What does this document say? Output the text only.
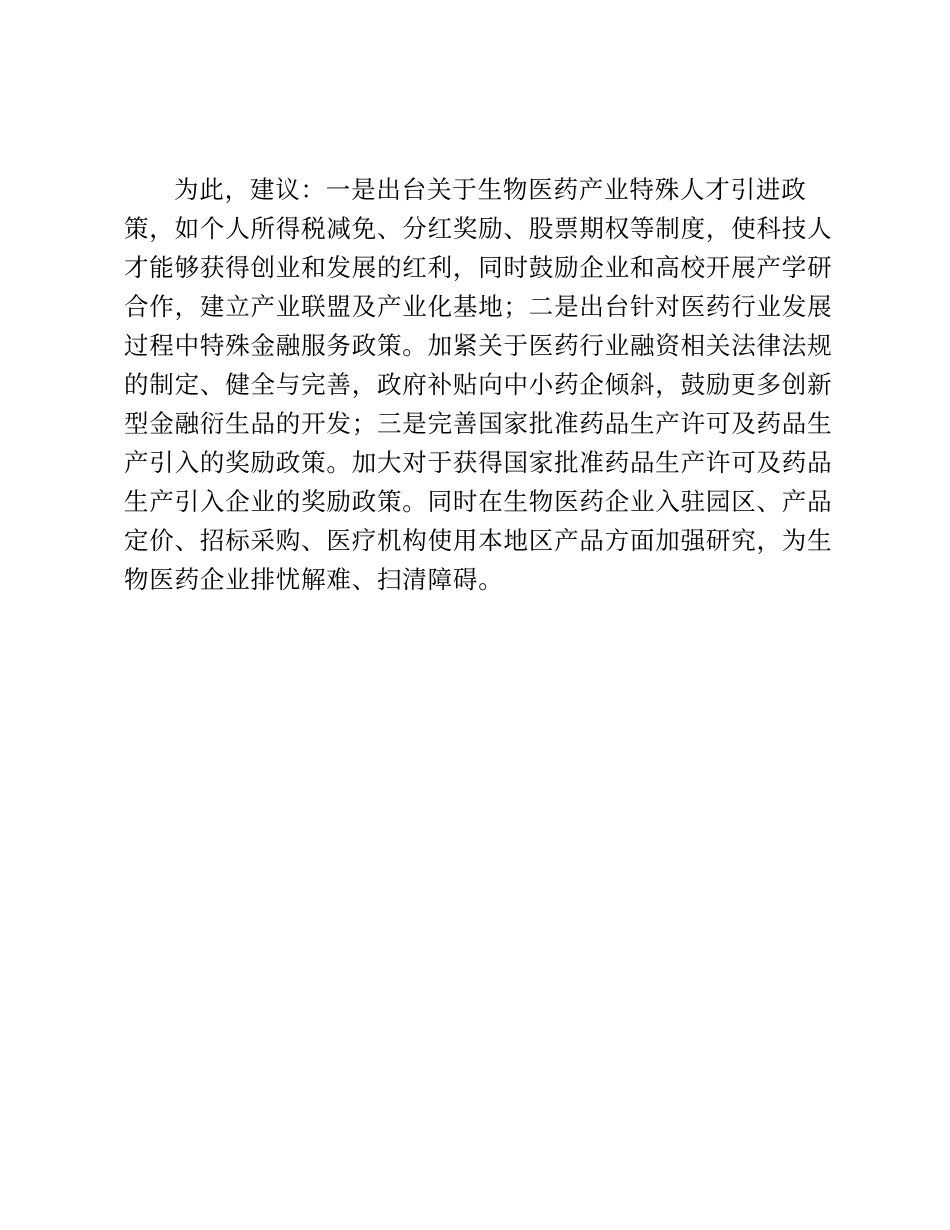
为此，建议：一是出台关于生物医药产业特殊人才引进政
策，如个人所得税减免、分红奖励、股票期权等制度，使科技人
才能够获得创业和发展的红利，同时鼓励企业和高校开展产学研
合作，建立产业联盟及产业化基地；二是出台针对医药行业发展
过程中特殊金融服务政策。加紧关于医药行业融资相关法律法规
的制定、健全与完善，政府补贴向中小药企倾斜，鼓励更多创新
型金融衍生品的开发；三是完善国家批准药品生产许可及药品生
产引入的奖励政策。加大对于获得国家批准药品生产许可及药品
生产引入企业的奖励政策。同时在生物医药企业入驻园区、产品
定价、招标采购、医疗机构使用本地区产品方面加强研究，为生
物医药企业排忧解难、扫清障碍。
